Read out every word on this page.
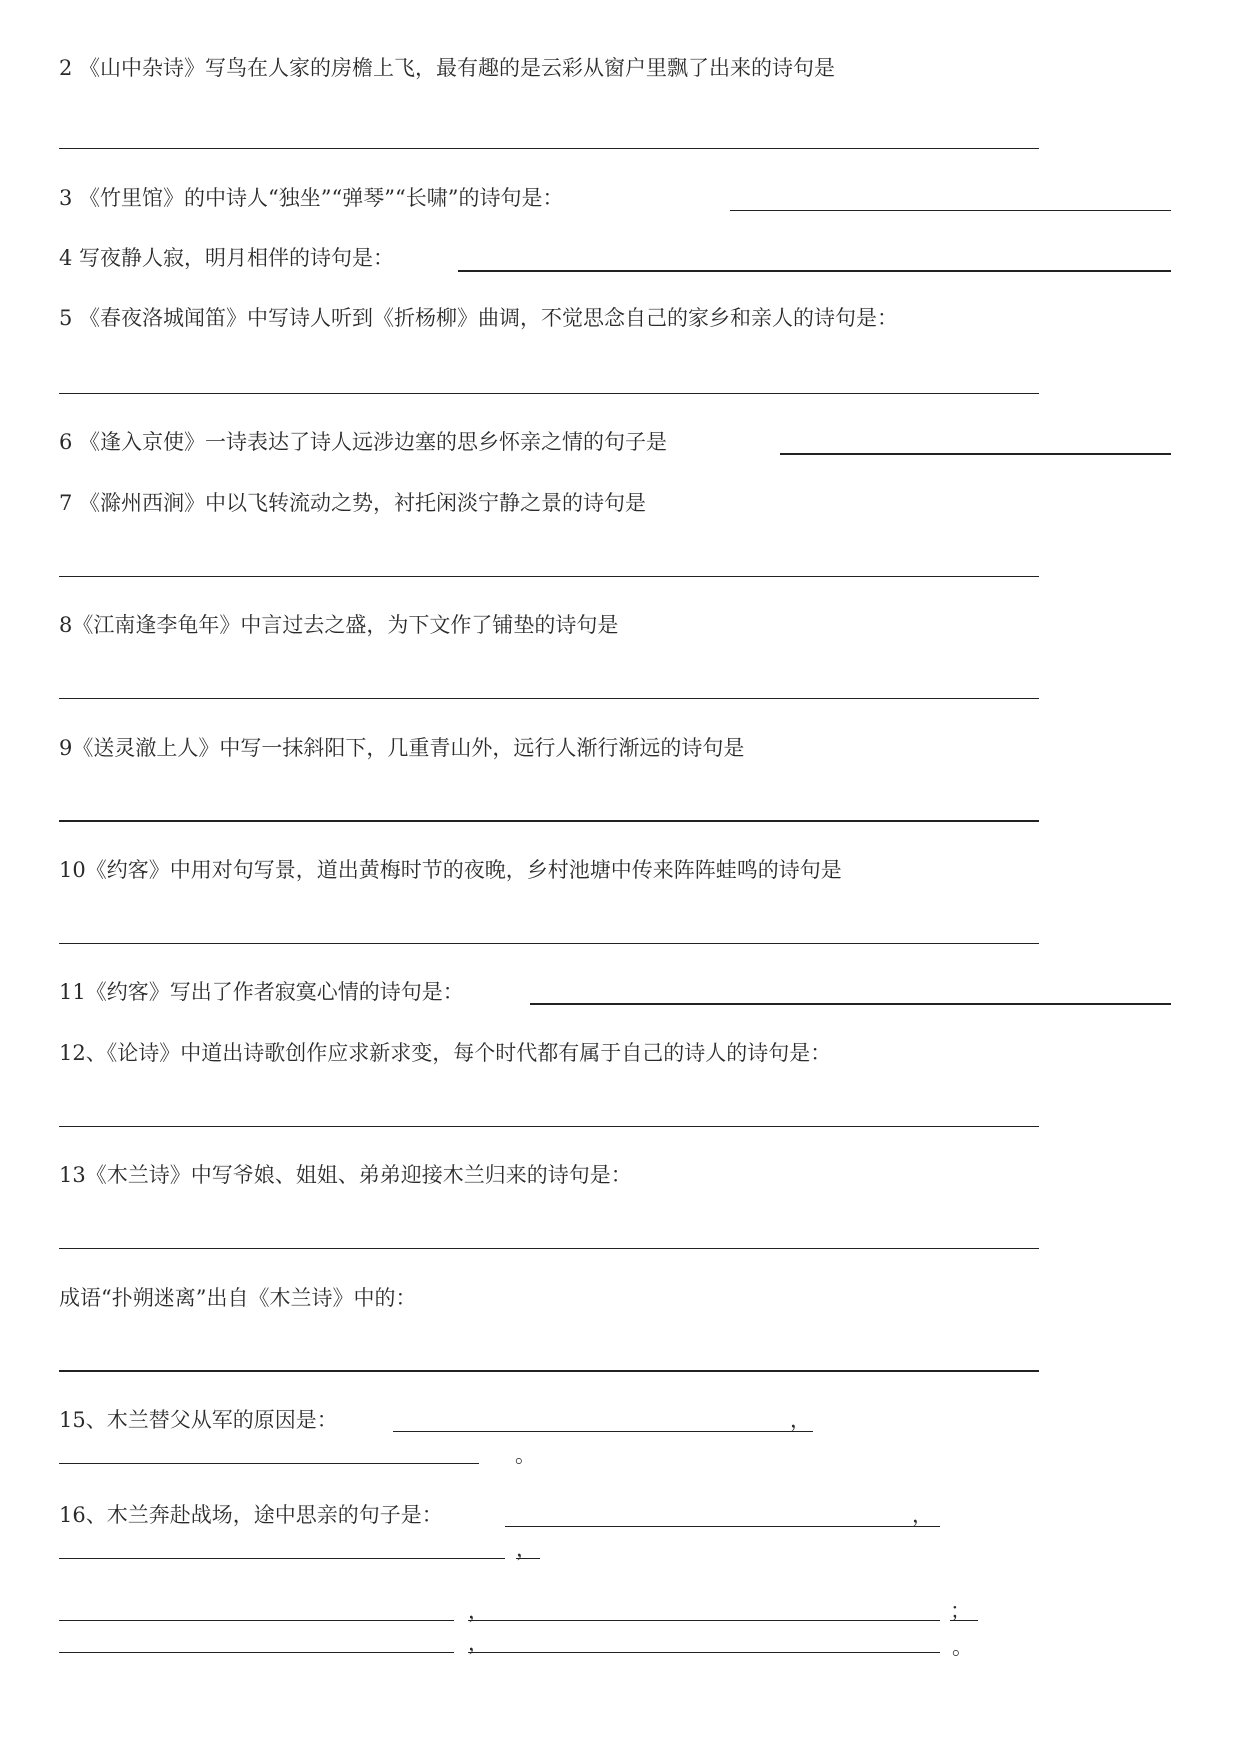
2 《山中杂诗》写鸟在人家的房檐上飞，最有趣的是云彩从窗户里飘了出来的诗句是
3 《竹里馆》的中诗人“独坐”“弹琴”“长啸”的诗句是：
4 写夜静人寂，明月相伴的诗句是：
5 《春夜洛城闻笛》中写诗人听到《折杨柳》曲调，不觉思念自己的家乡和亲人的诗句是：
6 《逢入京使》一诗表达了诗人远涉边塞的思乡怀亲之情的句子是
7 《滁州西涧》中以飞转流动之势，衬托闲淡宁静之景的诗句是
8《江南逢李龟年》中言过去之盛，为下文作了铺垫的诗句是
9《送灵澈上人》中写一抹斜阳下，几重青山外，远行人渐行渐远的诗句是
10《约客》中用对句写景，道出黄梅时节的夜晚，乡村池塘中传来阵阵蛙鸣的诗句是
11《约客》写出了作者寂寞心情的诗句是：
12、《论诗》中道出诗歌创作应求新求变，每个时代都有属于自己的诗人的诗句是：
13《木兰诗》中写爷娘、姐姐、弟弟迎接木兰归来的诗句是：
成语“扑朔迷离”出自《木兰诗》中的：
15、木兰替父从军的原因是：	，
。
16、木兰奔赴战场，途中思亲的句子是：	，
，
，	；
，	。
